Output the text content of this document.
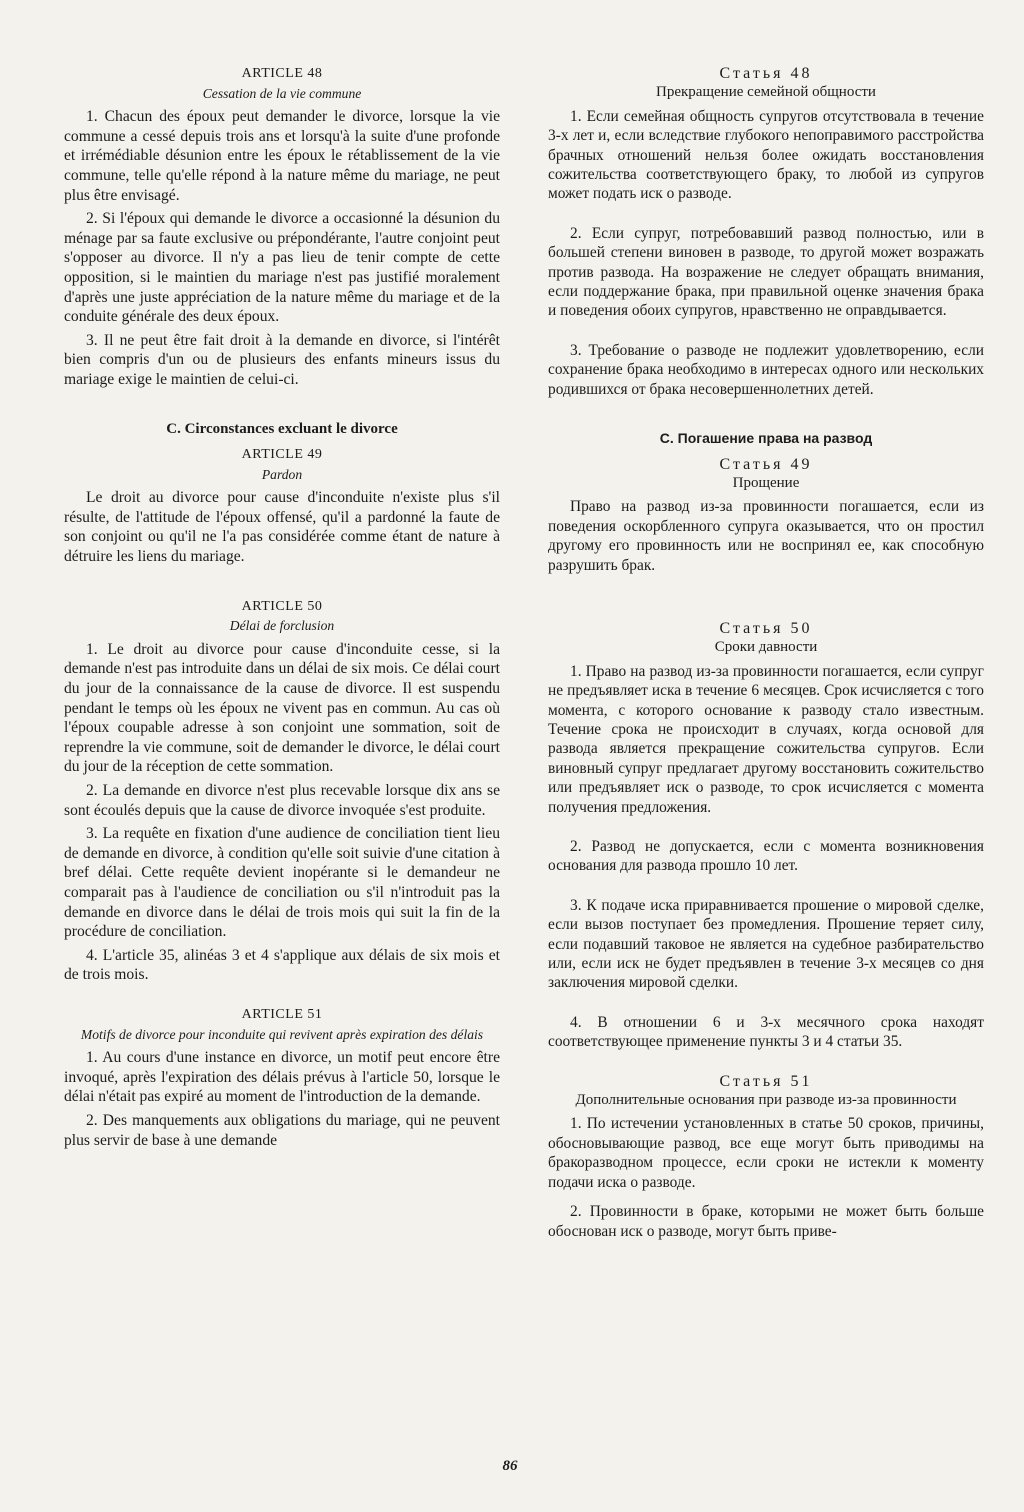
ARTICLE 48

Cessation de la vie commune

1. Chacun des époux peut demander le divorce, lorsque la vie commune a cessé depuis trois ans et lorsqu'à la suite d'une profonde et irrémédiable désunion entre les époux le rétablissement de la vie commune, telle qu'elle répond à la nature même du mariage, ne peut plus être envisagé.

2. Si l'époux qui demande le divorce a occasionné la désunion du ménage par sa faute exclusive ou prépondérante, l'autre conjoint peut s'opposer au divorce. Il n'y a pas lieu de tenir compte de cette opposition, si le maintien du mariage n'est pas justifié moralement d'après une juste appréciation de la nature même du mariage et de la conduite générale des deux époux.

3. Il ne peut être fait droit à la demande en divorce, si l'intérêt bien compris d'un ou de plusieurs des enfants mineurs issus du mariage exige le maintien de celui-ci.

C. Circonstances excluant le divorce

ARTICLE 49

Pardon

Le droit au divorce pour cause d'inconduite n'existe plus s'il résulte, de l'attitude de l'époux offensé, qu'il a pardonné la faute de son conjoint ou qu'il ne l'a pas considérée comme étant de nature à détruire les liens du mariage.

ARTICLE 50

Délai de forclusion

1. Le droit au divorce pour cause d'inconduite cesse, si la demande n'est pas introduite dans un délai de six mois. Ce délai court du jour de la connaissance de la cause de divorce. Il est suspendu pendant le temps où les époux ne vivent pas en commun. Au cas où l'époux coupable adresse à son conjoint une sommation, soit de reprendre la vie commune, soit de demander le divorce, le délai court du jour de la réception de cette sommation.

2. La demande en divorce n'est plus recevable lorsque dix ans se sont écoulés depuis que la cause de divorce invoquée s'est produite.

3. La requête en fixation d'une audience de conciliation tient lieu de demande en divorce, à condition qu'elle soit suivie d'une citation à bref délai. Cette requête devient inopérante si le demandeur ne comparait pas à l'audience de conciliation ou s'il n'introduit pas la demande en divorce dans le délai de trois mois qui suit la fin de la procédure de conciliation.

4. L'article 35, alinéas 3 et 4 s'applique aux délais de six mois et de trois mois.

ARTICLE 51

Motifs de divorce pour inconduite qui revivent après expiration des délais

1. Au cours d'une instance en divorce, un motif peut encore être invoqué, après l'expiration des délais prévus à l'article 50, lorsque le délai n'était pas expiré au moment de l'introduction de la demande.

2. Des manquements aux obligations du mariage, qui ne peuvent plus servir de base à une demande

Статья 48

Прекращение семейной общности

1. Если семейная общность супругов отсутствовала в течение 3-х лет и, если вследствие глубокого непоправимого расстройства брачных отношений нельзя более ожидать восстановления сожительства соответствующего браку, то любой из супругов может подать иск о разводе.

2. Если супруг, потребовавший развод полностью, или в большей степени виновен в разводе, то другой может возражать против развода. На возражение не следует обращать внимания, если поддержание брака, при правильной оценке значения брака и поведения обоих супругов, нравственно не оправдывается.

3. Требование о разводе не подлежит удовлетворению, если сохранение брака необходимо в интересах одного или нескольких родившихся от брака несовершеннолетних детей.

С. Погашение права на развод

Статья 49

Прощение

Право на развод из-за провинности погашается, если из поведения оскорбленного супруга оказывается, что он простил другому его провинность или не воспринял ее, как способную разрушить брак.

Статья 50

Сроки давности

1. Право на развод из-за провинности погашается, если супруг не предъявляет иска в течение 6 месяцев. Срок исчисляется с того момента, с которого основание к разводу стало известным. Течение срока не происходит в случаях, когда основой для развода является прекращение сожительства супругов. Если виновный супруг предлагает другому восстановить сожительство или предъявляет иск о разводе, то срок исчисляется с момента получения предложения.

2. Развод не допускается, если с момента возникновения основания для развода прошло 10 лет.

3. К подаче иска приравнивается прошение о мировой сделке, если вызов поступает без промедления. Прошение теряет силу, если подавший таковое не является на судебное разбирательство или, если иск не будет предъявлен в течение 3-х месяцев со дня заключения мировой сделки.

4. В отношении 6 и 3-х месячного срока находят соответствующее применение пункты 3 и 4 статьи 35.

Статья 51

Дополнительные основания при разводе из-за провинности

1. По истечении установленных в статье 50 сроков, причины, обосновывающие развод, все еще могут быть приводимы на бракоразводном процессе, если сроки не истекли к моменту подачи иска о разводе.

2. Провинности в браке, которыми не может быть больше обоснован иск о разводе, могут быть приве-

86
